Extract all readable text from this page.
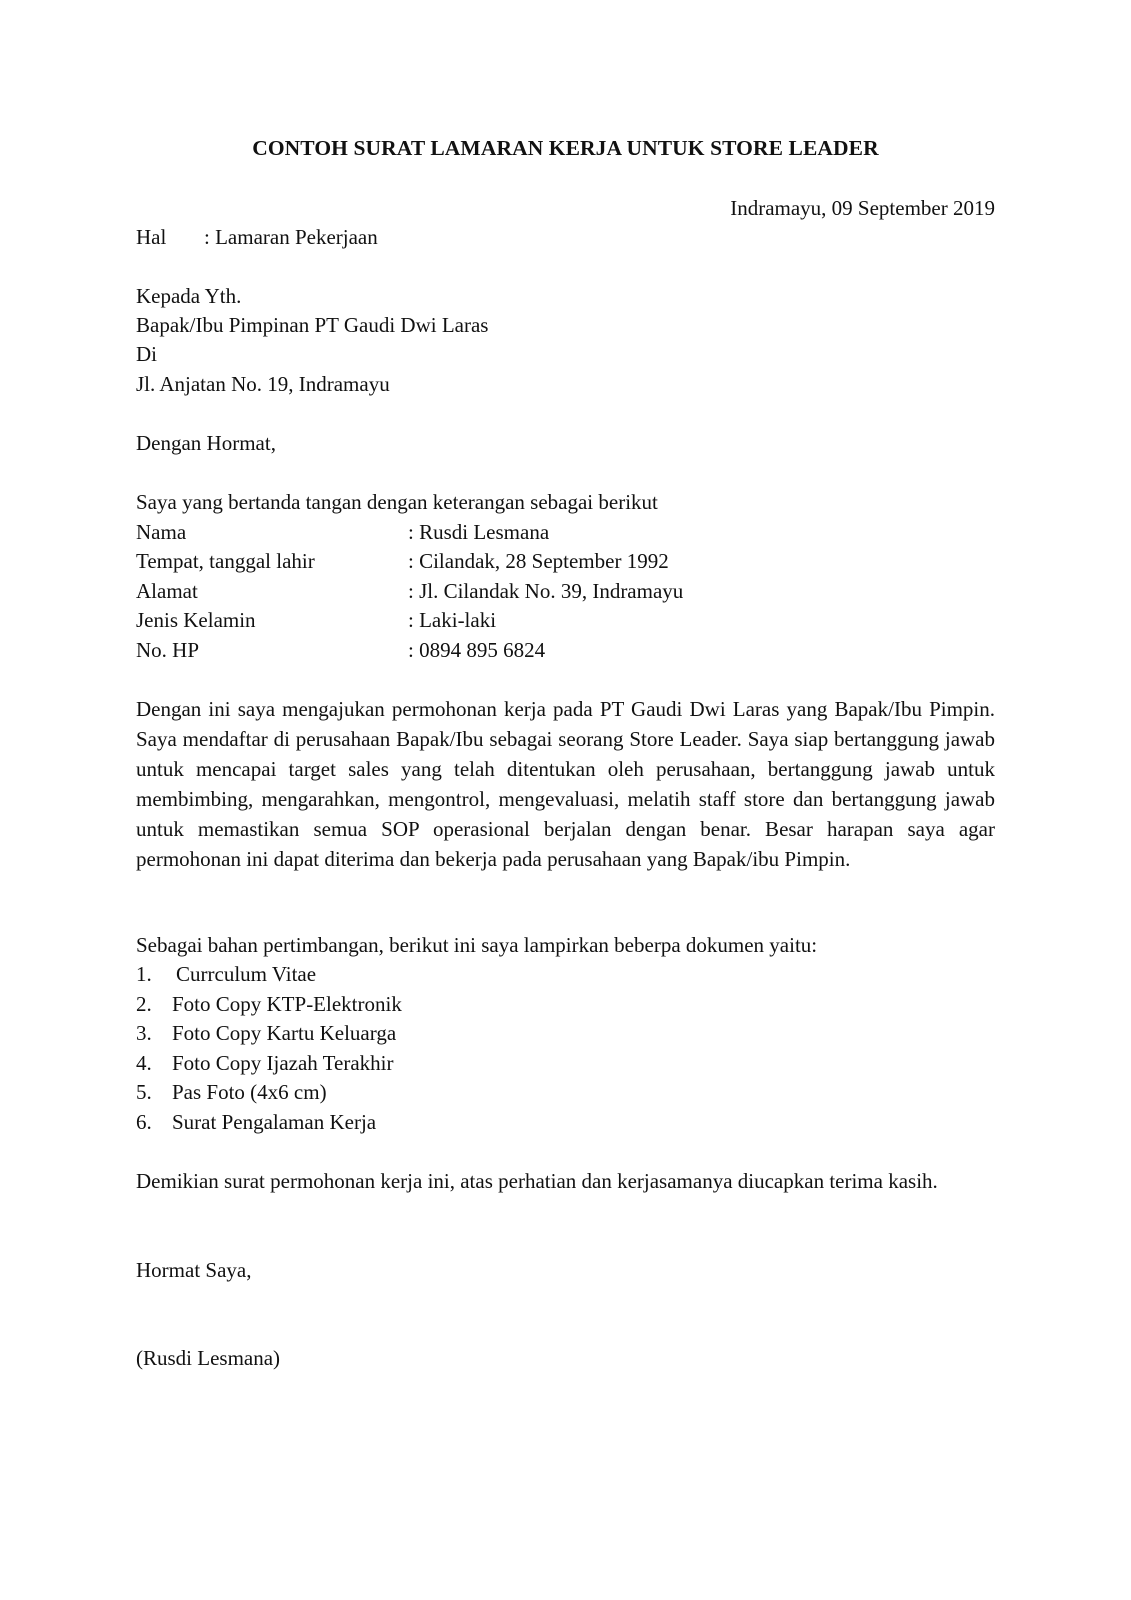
CONTOH SURAT LAMARAN KERJA UNTUK STORE LEADER
Indramayu, 09 September 2019
Hal : Lamaran Pekerjaan
Kepada Yth.
Bapak/Ibu Pimpinan PT Gaudi Dwi Laras
Di
Jl. Anjatan No. 19, Indramayu
Dengan Hormat,
Saya yang bertanda tangan dengan keterangan sebagai berikut
Nama	: Rusdi Lesmana
Tempat, tanggal lahir	: Cilandak, 28 September 1992
Alamat	: Jl. Cilandak No. 39, Indramayu
Jenis Kelamin	: Laki-laki
No. HP	: 0894 895 6824

Dengan ini saya mengajukan permohonan kerja pada PT Gaudi Dwi Laras yang Bapak/Ibu Pimpin. Saya mendaftar di perusahaan Bapak/Ibu sebagai seorang Store Leader. Saya siap bertanggung jawab untuk mencapai target sales yang telah ditentukan oleh perusahaan, bertanggung jawab untuk membimbing, mengarahkan, mengontrol, mengevaluasi, melatih staff store dan bertanggung jawab untuk memastikan semua SOP operasional berjalan dengan benar. Besar harapan saya agar permohonan ini dapat diterima dan bekerja pada perusahaan yang Bapak/ibu Pimpin.

Sebagai bahan pertimbangan, berikut ini saya lampirkan beberpa dokumen yaitu:
1. Currculum Vitae
2. Foto Copy KTP-Elektronik
3. Foto Copy Kartu Keluarga
4. Foto Copy Ijazah Terakhir
5. Pas Foto (4x6 cm)
6. Surat Pengalaman Kerja

Demikian surat permohonan kerja ini, atas perhatian dan kerjasamanya diucapkan terima kasih.

Hormat Saya,
(Rusdi Lesmana)
